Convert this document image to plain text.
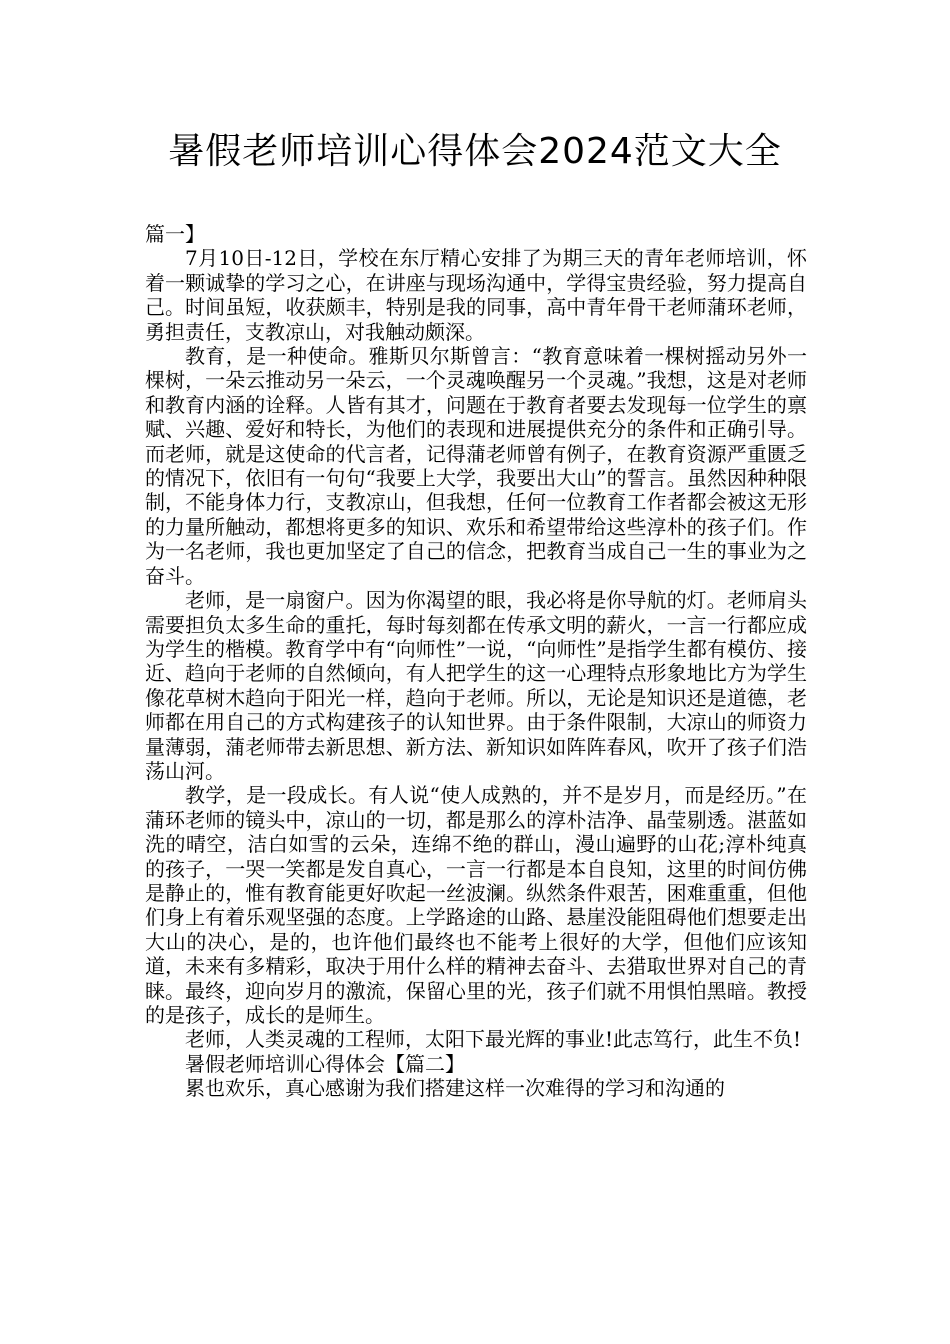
暑假老师培训心得体会2024范文大全

篇一】

7月10日-12日，学校在东厅精心安排了为期三天的青年老师培训，怀着一颗诚挚的学习之心，在讲座与现场沟通中，学得宝贵经验，努力提高自己。时间虽短，收获颇丰，特别是我的同事，高中青年骨干老师蒲环老师，勇担责任，支教凉山，对我触动颇深。

教育，是一种使命。雅斯贝尔斯曾言：“教育意味着一棵树摇动另外一棵树，一朵云推动另一朵云，一个灵魂唤醒另一个灵魂。”我想，这是对老师和教育内涵的诠释。人皆有其才，问题在于教育者要去发现每一位学生的禀赋、兴趣、爱好和特长，为他们的表现和进展提供充分的条件和正确引导。而老师，就是这使命的代言者，记得蒲老师曾有例子，在教育资源严重匮乏的情况下，依旧有一句句“我要上大学，我要出大山”的誓言。虽然因种种限制，不能身体力行，支教凉山，但我想，任何一位教育工作者都会被这无形的力量所触动，都想将更多的知识、欢乐和希望带给这些淳朴的孩子们。作为一名老师，我也更加坚定了自己的信念，把教育当成自己一生的事业为之奋斗。

老师，是一扇窗户。因为你渴望的眼，我必将是你导航的灯。老师肩头需要担负太多生命的重托，每时每刻都在传承文明的薪火，一言一行都应成为学生的楷模。教育学中有“向师性”一说，“向师性”是指学生都有模仿、接近、趋向于老师的自然倾向，有人把学生的这一心理特点形象地比方为学生像花草树木趋向于阳光一样，趋向于老师。所以，无论是知识还是道德，老师都在用自己的方式构建孩子的认知世界。由于条件限制，大凉山的师资力量薄弱，蒲老师带去新思想、新方法、新知识如阵阵春风，吹开了孩子们浩荡山河。

教学，是一段成长。有人说“使人成熟的，并不是岁月，而是经历。”在蒲环老师的镜头中，凉山的一切，都是那么的淳朴洁净、晶莹剔透。湛蓝如洗的晴空，洁白如雪的云朵，连绵不绝的群山，漫山遍野的山花;淳朴纯真的孩子，一哭一笑都是发自真心，一言一行都是本自良知，这里的时间仿佛是静止的，惟有教育能更好吹起一丝波澜。纵然条件艰苦，困难重重，但他们身上有着乐观坚强的态度。上学路途的山路、悬崖没能阻碍他们想要走出大山的决心，是的，也许他们最终也不能考上很好的大学，但他们应该知道，未来有多精彩，取决于用什么样的精神去奋斗、去猎取世界对自己的青睐。最终，迎向岁月的激流，保留心里的光，孩子们就不用惧怕黑暗。教授的是孩子，成长的是师生。

老师，人类灵魂的工程师，太阳下最光辉的事业!此志笃行，此生不负!

暑假老师培训心得体会【篇二】

累也欢乐，真心感谢为我们搭建这样一次难得的学习和沟通的
